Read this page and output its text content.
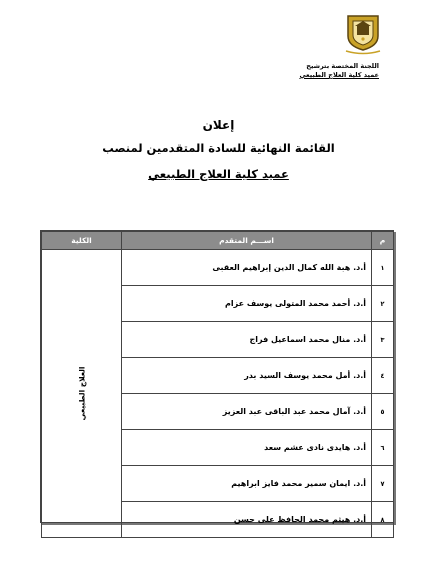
اللجنة المختصة بترشيح
عميد كلية العلاج الطبيعي
إعلان
القائمة النهائية للسادة المتقدمين لمنصب
عميد كلية العلاج الطبيعي
م	اســـم المتقدم	الكلية
١	أ.د. هبة الله كمال الدين إبراهيم العقبى	العلاج الطبيعي
٢	أ.د. أحمد محمد المتولى يوسف عزام	
٣	أ.د. منال محمد اسماعيل فراج	
٤	أ.د. أمل محمد يوسف السيد بدر	
٥	أ.د. آمال محمد عبد الباقى عبد العزيز	
٦	أ.د. هايدى نادى عشم سعد	
٧	أ.د. ايمان سمير محمد فايز ابراهيم	
٨	أ.د. هيثم محمد الحافظ على حسن	
